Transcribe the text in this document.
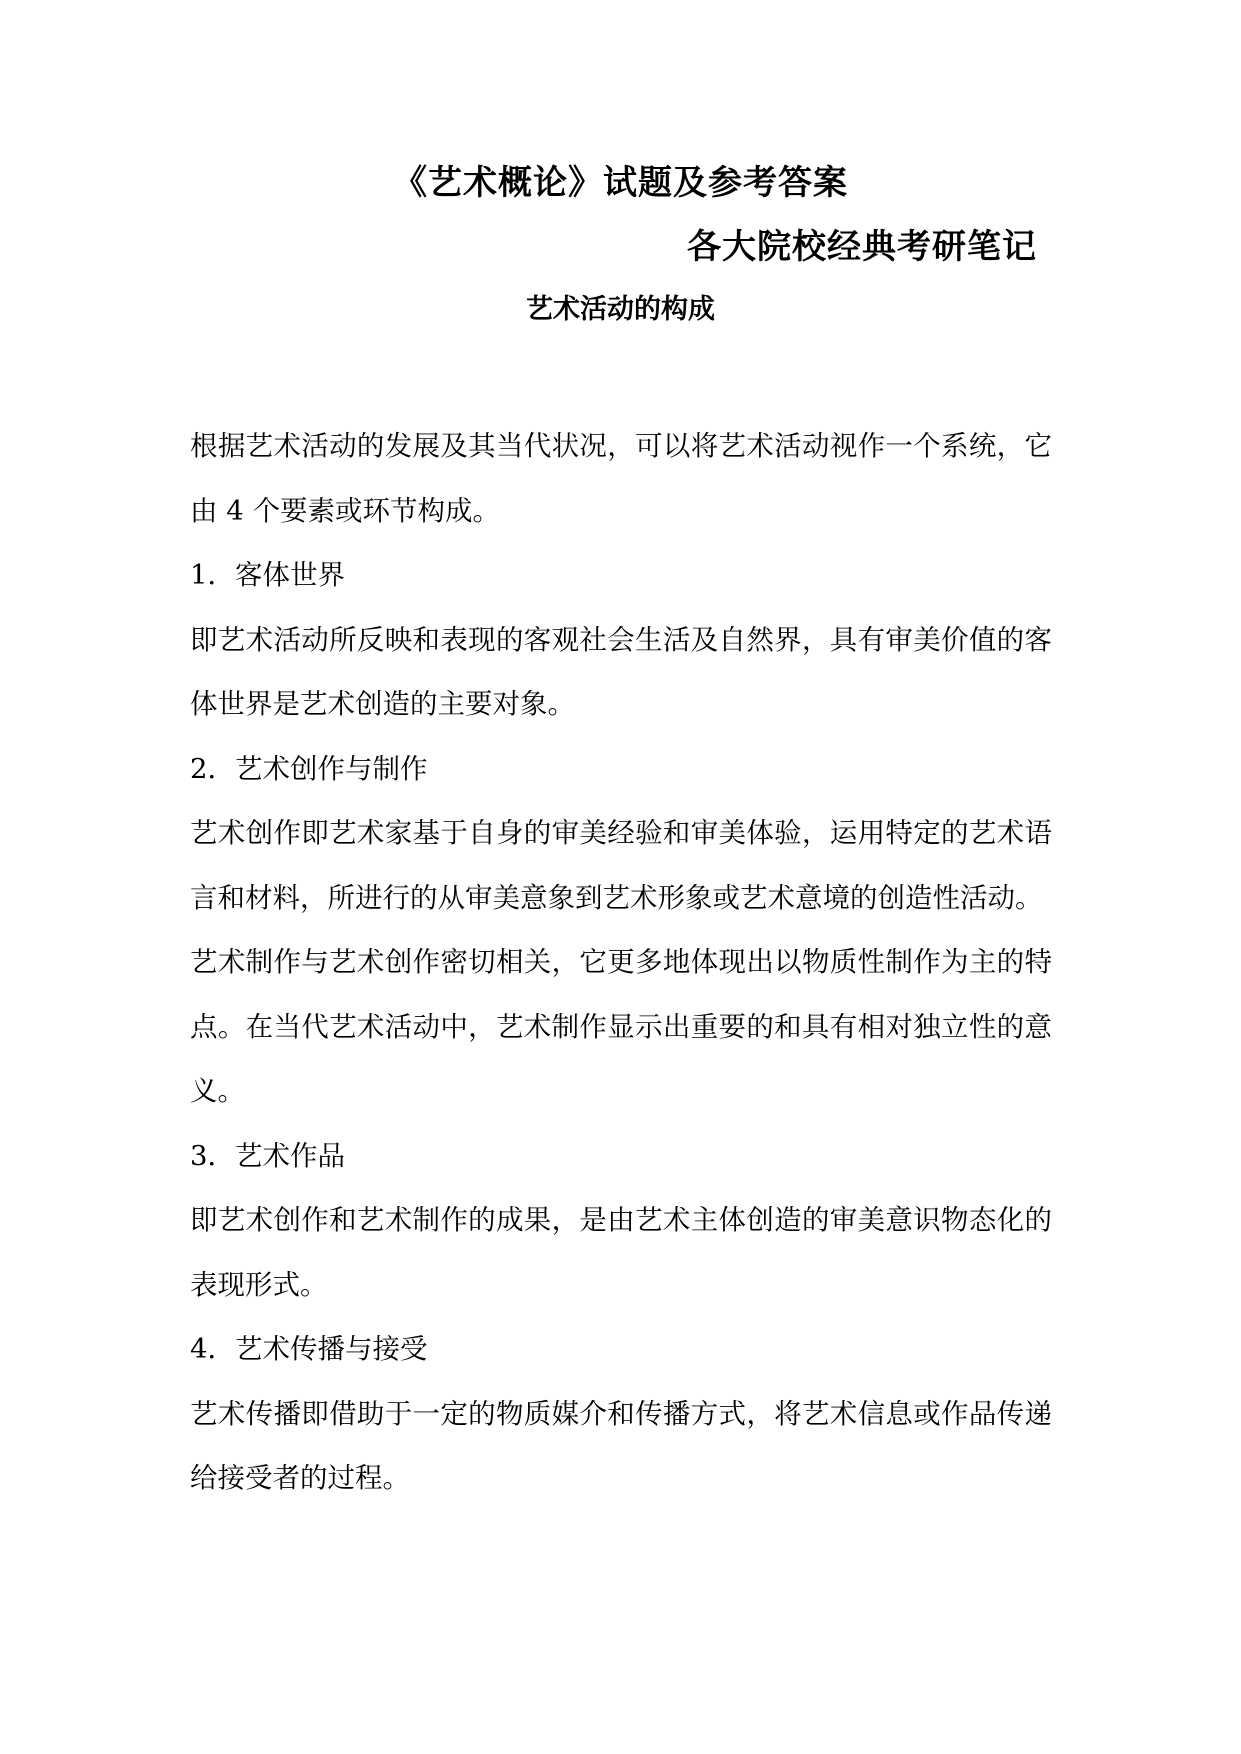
《艺术概论》试题及参考答案
各大院校经典考研笔记
艺术活动的构成

根据艺术活动的发展及其当代状况，可以将艺术活动视作一个系统，它由 4 个要素或环节构成。

1．客体世界

即艺术活动所反映和表现的客观社会生活及自然界，具有审美价值的客体世界是艺术创造的主要对象。

2．艺术创作与制作

艺术创作即艺术家基于自身的审美经验和审美体验，运用特定的艺术语言和材料，所进行的从审美意象到艺术形象或艺术意境的创造性活动。

艺术制作与艺术创作密切相关，它更多地体现出以物质性制作为主的特点。在当代艺术活动中，艺术制作显示出重要的和具有相对独立性的意义。

3．艺术作品

即艺术创作和艺术制作的成果，是由艺术主体创造的审美意识物态化的表现形式。

4．艺术传播与接受

艺术传播即借助于一定的物质媒介和传播方式，将艺术信息或作品传递给接受者的过程。
